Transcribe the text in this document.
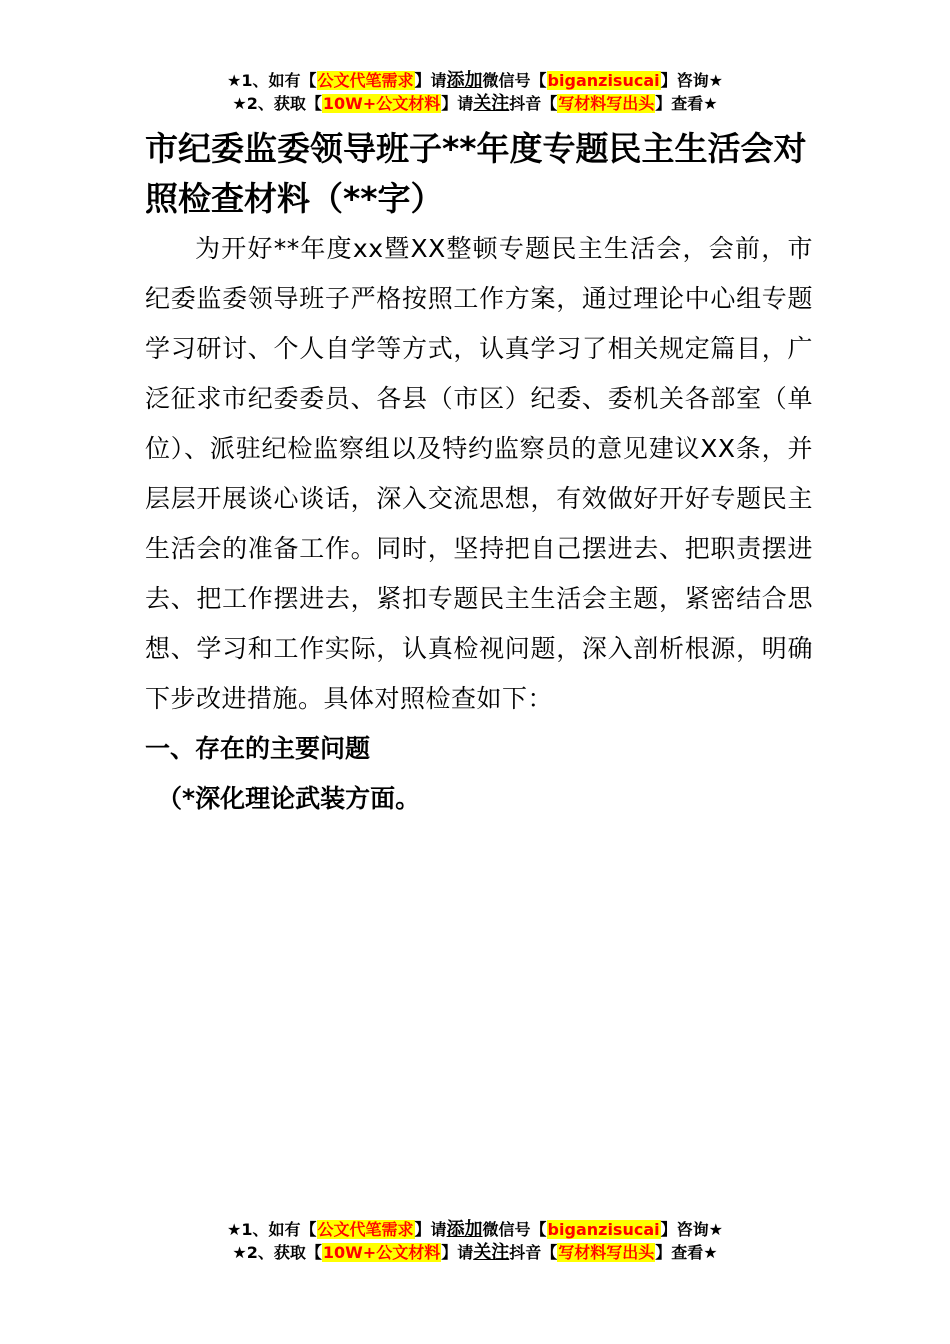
★1、如有【公文代笔需求】请添加微信号【biganzisucai】咨询★
★2、获取【10W+公文材料】请关注抖音【写材料写出头】查看★
市纪委监委领导班子**年度专题民主生活会对照检查材料（**字）

为开好**年度xx暨XX整顿专题民主生活会，会前，市纪委监委领导班子严格按照工作方案，通过理论中心组专题学习研讨、个人自学等方式，认真学习了相关规定篇目，广泛征求市纪委委员、各县（市区）纪委、委机关各部室（单位）、派驻纪检监察组以及特约监察员的意见建议XX条，并层层开展谈心谈话，深入交流思想，有效做好开好专题民主生活会的准备工作。同时，坚持把自己摆进去、把职责摆进去、把工作摆进去，紧扣专题民主生活会主题，紧密结合思想、学习和工作实际，认真检视问题，深入剖析根源，明确下步改进措施。具体对照检查如下：

一、存在的主要问题

（*深化理论武装方面。

★1、如有【公文代笔需求】请添加微信号【biganzisucai】咨询★
★2、获取【10W+公文材料】请关注抖音【写材料写出头】查看★
